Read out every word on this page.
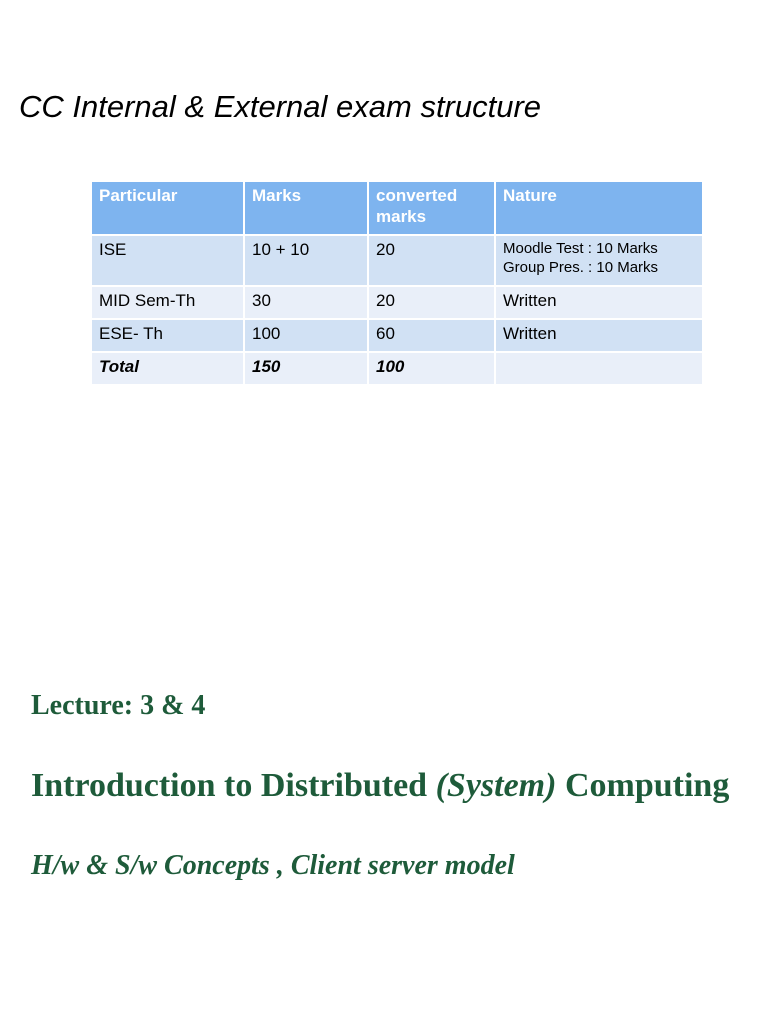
CC Internal & External exam structure
Particular	Marks	converted marks	Nature
ISE	10 + 10	20	Moodle Test : 10 Marks
Group Pres. : 10 Marks

MID Sem-Th	30	20	Written
ESE- Th	100	60	Written
Total	150	100	
Lecture: 3 & 4
Introduction to Distributed (System) Computing
H/w & S/w Concepts , Client server model
